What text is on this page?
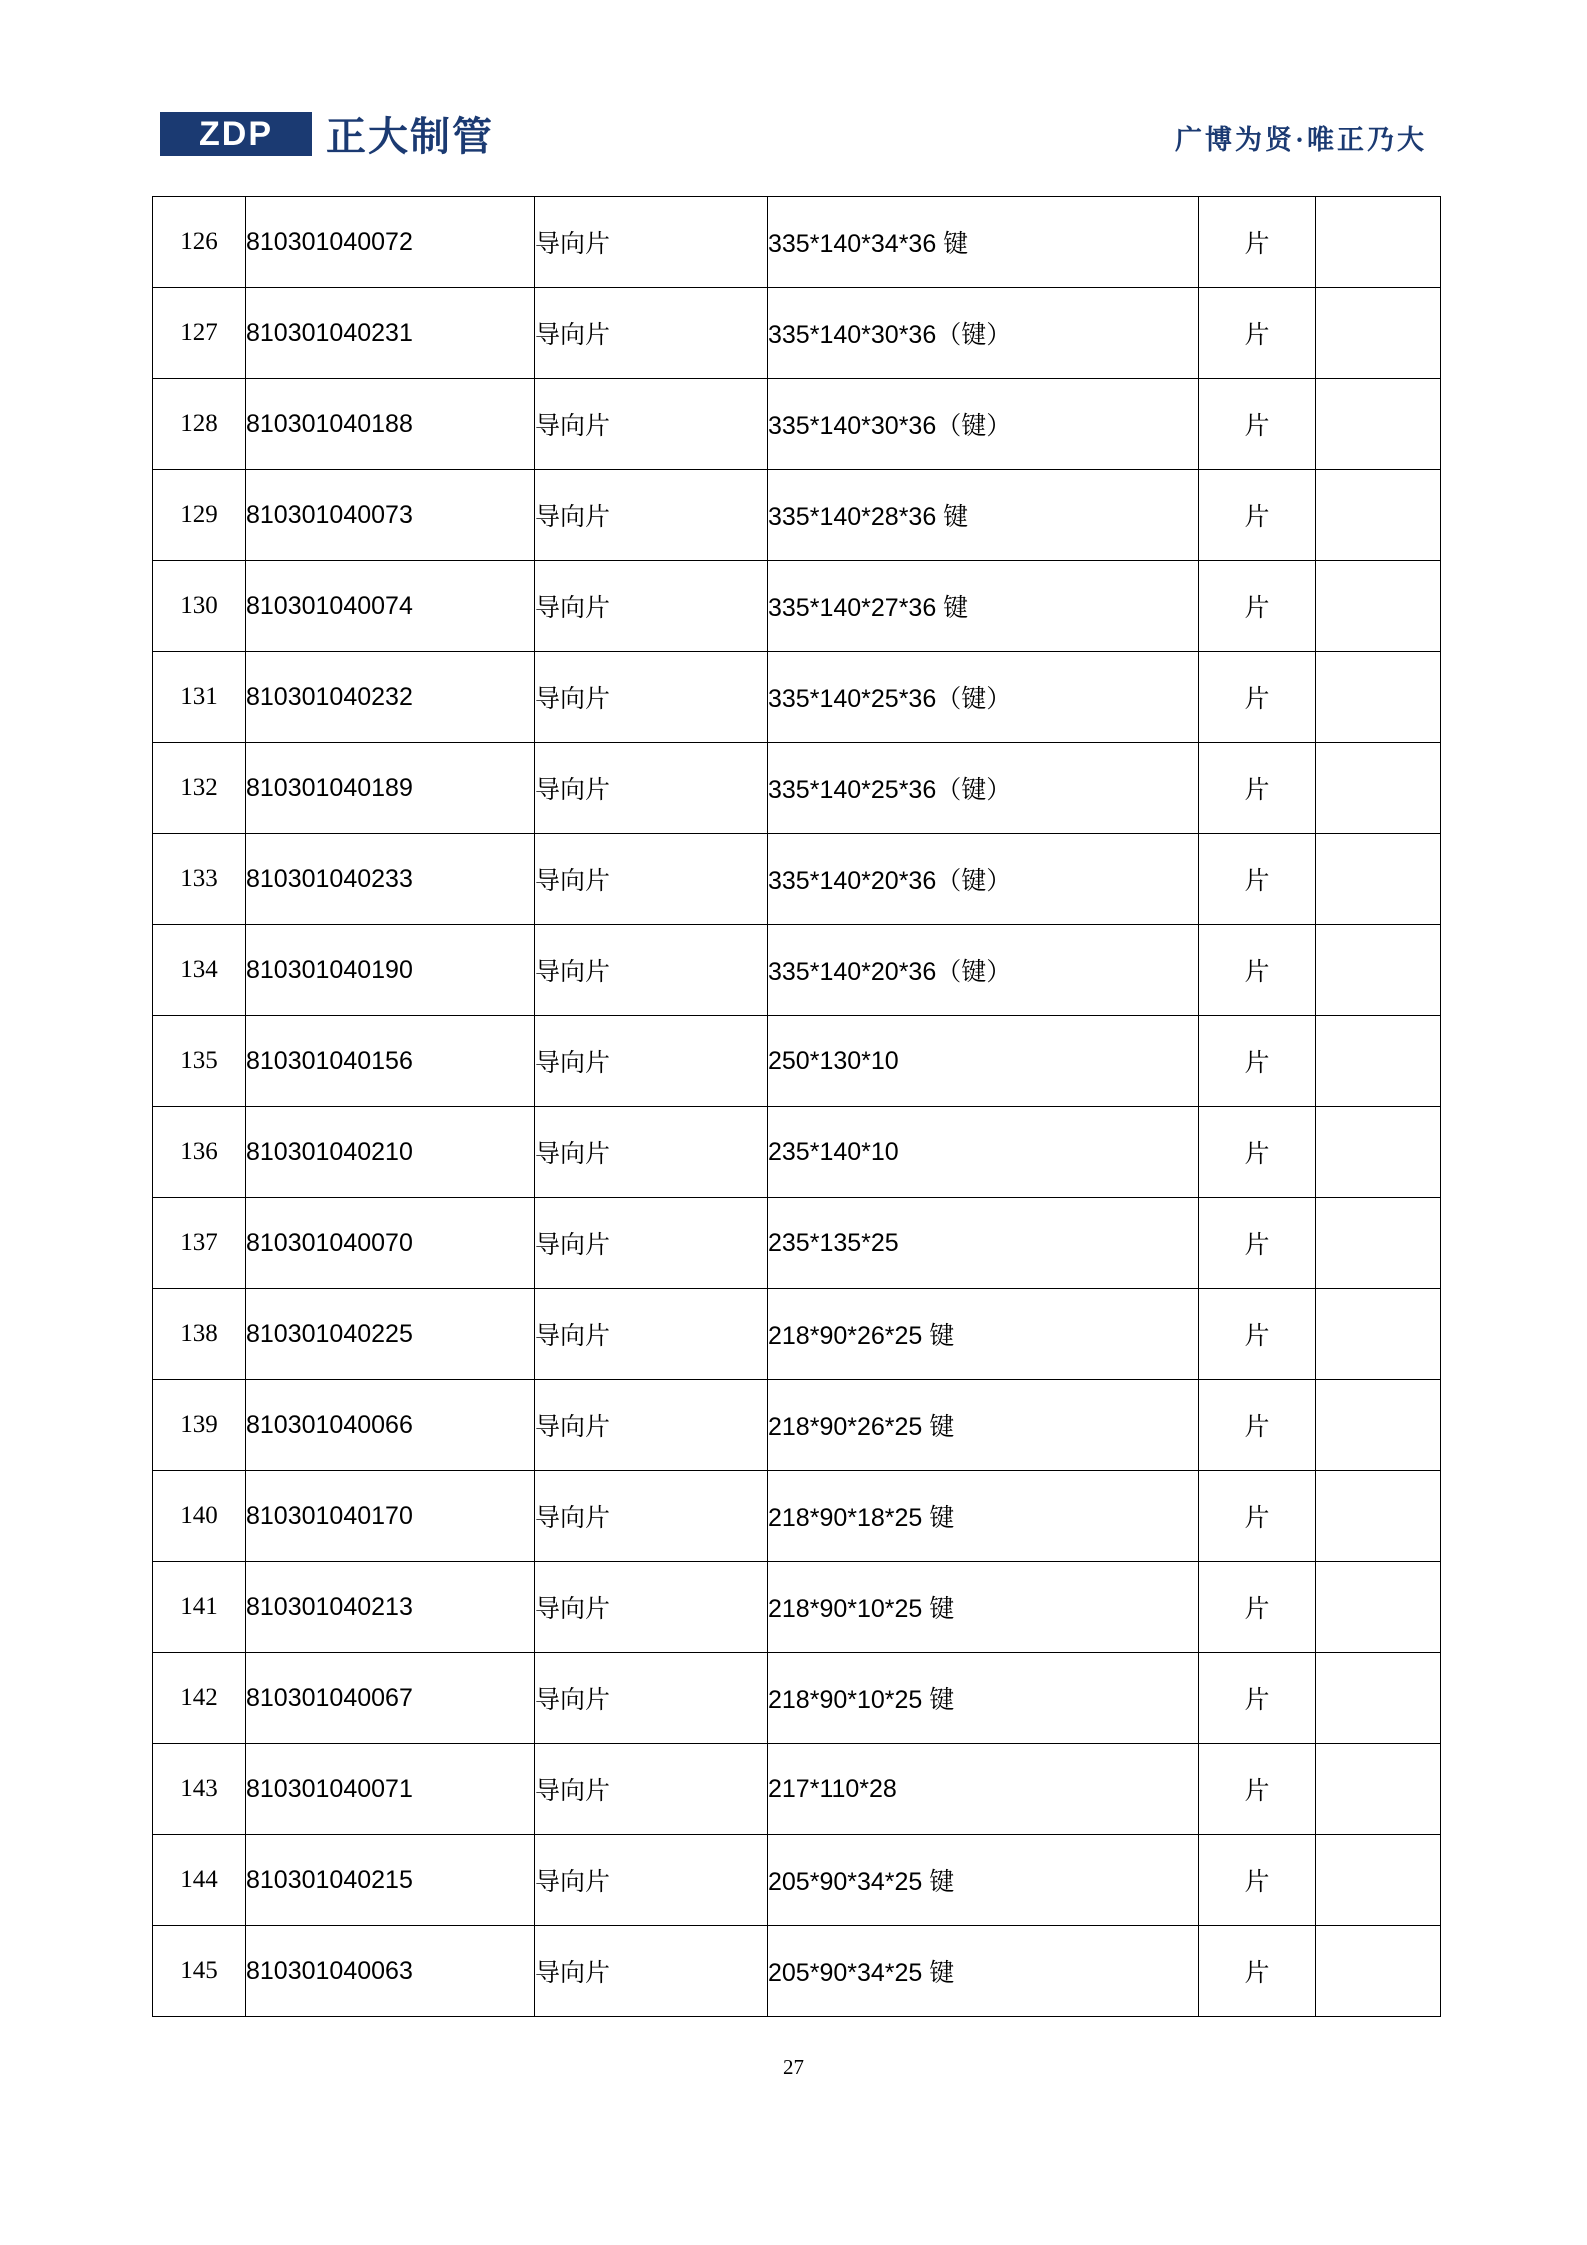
ZDP 正大制管	广博为贤·唯正乃大
126	810301040072	导向片	335*140*34*36 键	片	
127	810301040231	导向片	335*140*30*36（键）	片	
128	810301040188	导向片	335*140*30*36（键）	片	
129	810301040073	导向片	335*140*28*36 键	片	
130	810301040074	导向片	335*140*27*36 键	片	
131	810301040232	导向片	335*140*25*36（键）	片	
132	810301040189	导向片	335*140*25*36（键）	片	
133	810301040233	导向片	335*140*20*36（键）	片	
134	810301040190	导向片	335*140*20*36（键）	片	
135	810301040156	导向片	250*130*10	片	
136	810301040210	导向片	235*140*10	片	
137	810301040070	导向片	235*135*25	片	
138	810301040225	导向片	218*90*26*25 键	片	
139	810301040066	导向片	218*90*26*25 键	片	
140	810301040170	导向片	218*90*18*25 键	片	
141	810301040213	导向片	218*90*10*25 键	片	
142	810301040067	导向片	218*90*10*25 键	片	
143	810301040071	导向片	217*110*28	片	
144	810301040215	导向片	205*90*34*25 键	片	
145	810301040063	导向片	205*90*34*25 键	片	
27
